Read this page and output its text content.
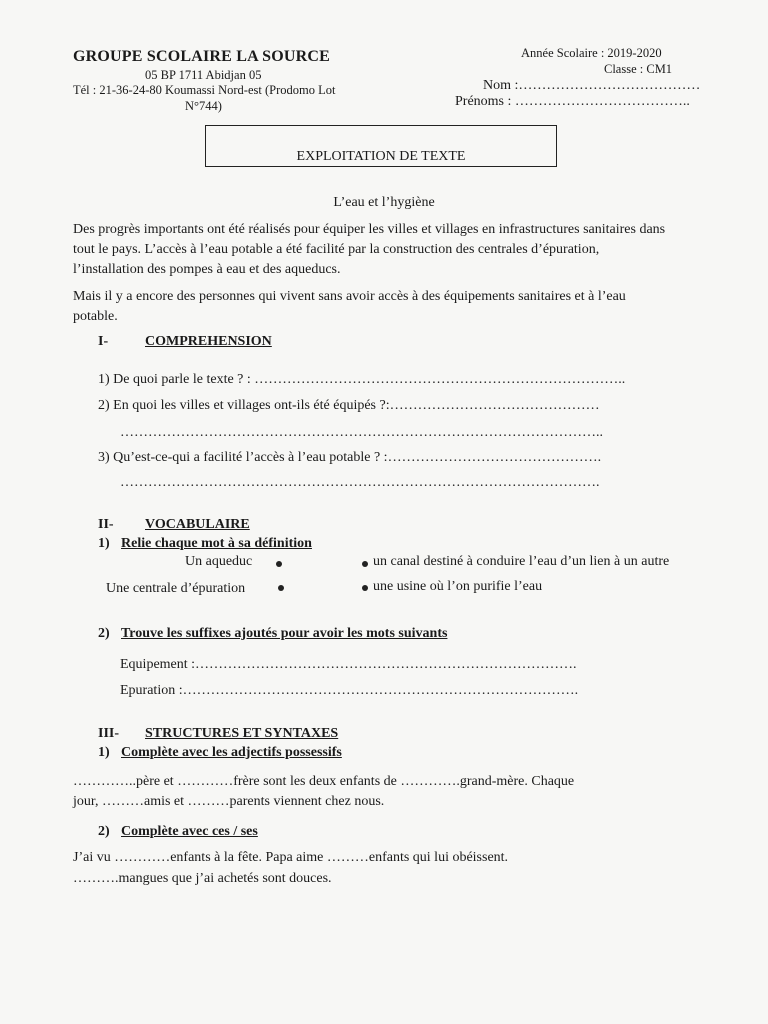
GROUPE SCOLAIRE LA SOURCE
05 BP 1711 Abidjan 05
Tél : 21-36-24-80 Koumassi Nord-est (Prodomo Lot
N°744)
Année Scolaire : 2019-2020
Classe : CM1
Nom :…………………………………
Prénoms : ………………………………..
EXPLOITATION DE TEXTE
L’eau et l’hygiène
Des progrès importants ont été réalisés pour équiper les villes et villages en infrastructures sanitaires dans tout le pays. L’accès à l’eau potable a été facilité par la construction des centrales d’épuration, l’installation des pompes à eau et des aqueducs.
Mais il y a encore des personnes qui vivent sans avoir accès à des équipements sanitaires et à l’eau potable.
I-	COMPREHENSION
1) De quoi parle le texte ? : ……………………………………………………………………..
2) En quoi les villes et villages ont-ils été équipés ?:………………………………………
…………………………………………………………………………………………..
3) Qu’est-ce-qui a facilité l’accès à l’eau potable ? :……………………………………….
………………………………………………………………………………………….
II- VOCABULAIRE
1) Relie chaque mot à sa définition
Un aqueduc	un canal destiné à conduire l’eau d’un lien à un autre
Une centrale d’épuration	une usine où l’on purifie l’eau
2) Trouve les suffixes ajoutés pour avoir les mots suivants
Equipement :……………………………………………………………………….
Epuration :………………………………………………………………………….
III- STRUCTURES ET SYNTAXES
1) Complète avec les adjectifs possessifs
…………..père et …………frère sont les deux enfants de ………….grand-mère. Chaque
jour, ………amis et ………parents viennent chez nous.
2) Complète avec ces / ses
J’ai vu …………enfants à la fête. Papa aime ………enfants qui lui obéissent.
……….mangues que j’ai achetés sont douces.
